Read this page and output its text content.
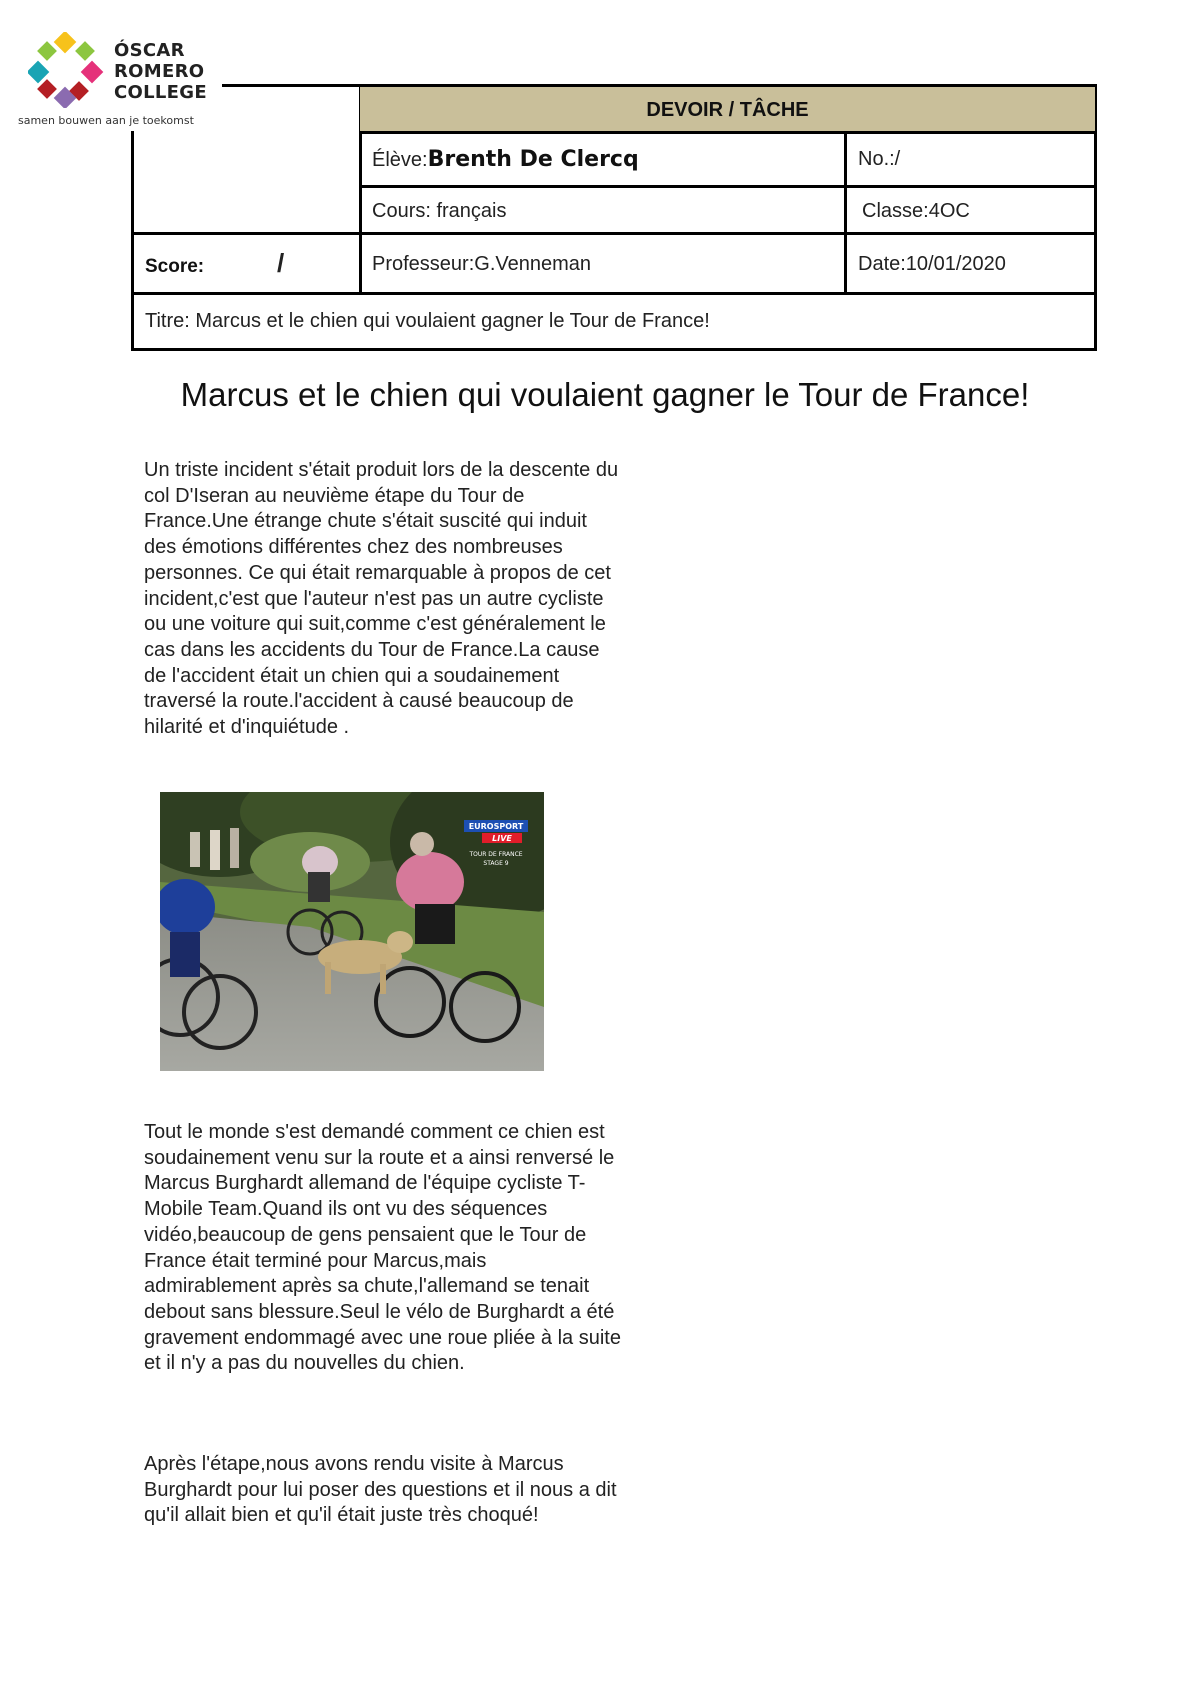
ÓSCAR
ROMERO
COLLEGE
samen bouwen aan je toekomst	DEVOIR / TÂCHE
Élève:Brenth De Clercq	No.:/
Cours: français	Classe:4OC
Score:	/	Professeur:G.Venneman	Date:10/01/2020
Titre: Marcus et le chien qui voulaient gagner le Tour de France!
Marcus et le chien qui voulaient gagner le Tour de France!
Un triste incident s'était produit lors de la descente du col D'Iseran au neuvième étape du Tour de France.Une étrange chute s'était suscité qui induit des émotions différentes chez des nombreuses personnes. Ce qui était remarquable à propos de cet incident,c'est que l'auteur n'est pas un autre cycliste ou une voiture qui suit,comme c'est généralement le cas dans les accidents du Tour de France.La cause de l'accident était un chien qui a soudainement traversé la route.l'accident à causé beaucoup de hilarité et d'inquiétude .
EUROSPORT
LIVE
TOUR DE FRANCE
STAGE 9
Tout le monde s'est demandé comment ce chien est soudainement venu sur la route et a ainsi renversé le Marcus Burghardt allemand de l'équipe cycliste T-Mobile Team.Quand ils ont vu des séquences vidéo,beaucoup de gens pensaient que le Tour de France était terminé pour Marcus,mais admirablement après sa chute,l'allemand se tenait debout sans blessure.Seul le vélo de Burghardt a été gravement endommagé avec une roue pliée à la suite et il n'y a pas du nouvelles du chien.
Après l'étape,nous avons rendu visite à Marcus Burghardt pour lui poser des questions et il nous a dit qu'il allait bien et qu'il était juste très choqué!
